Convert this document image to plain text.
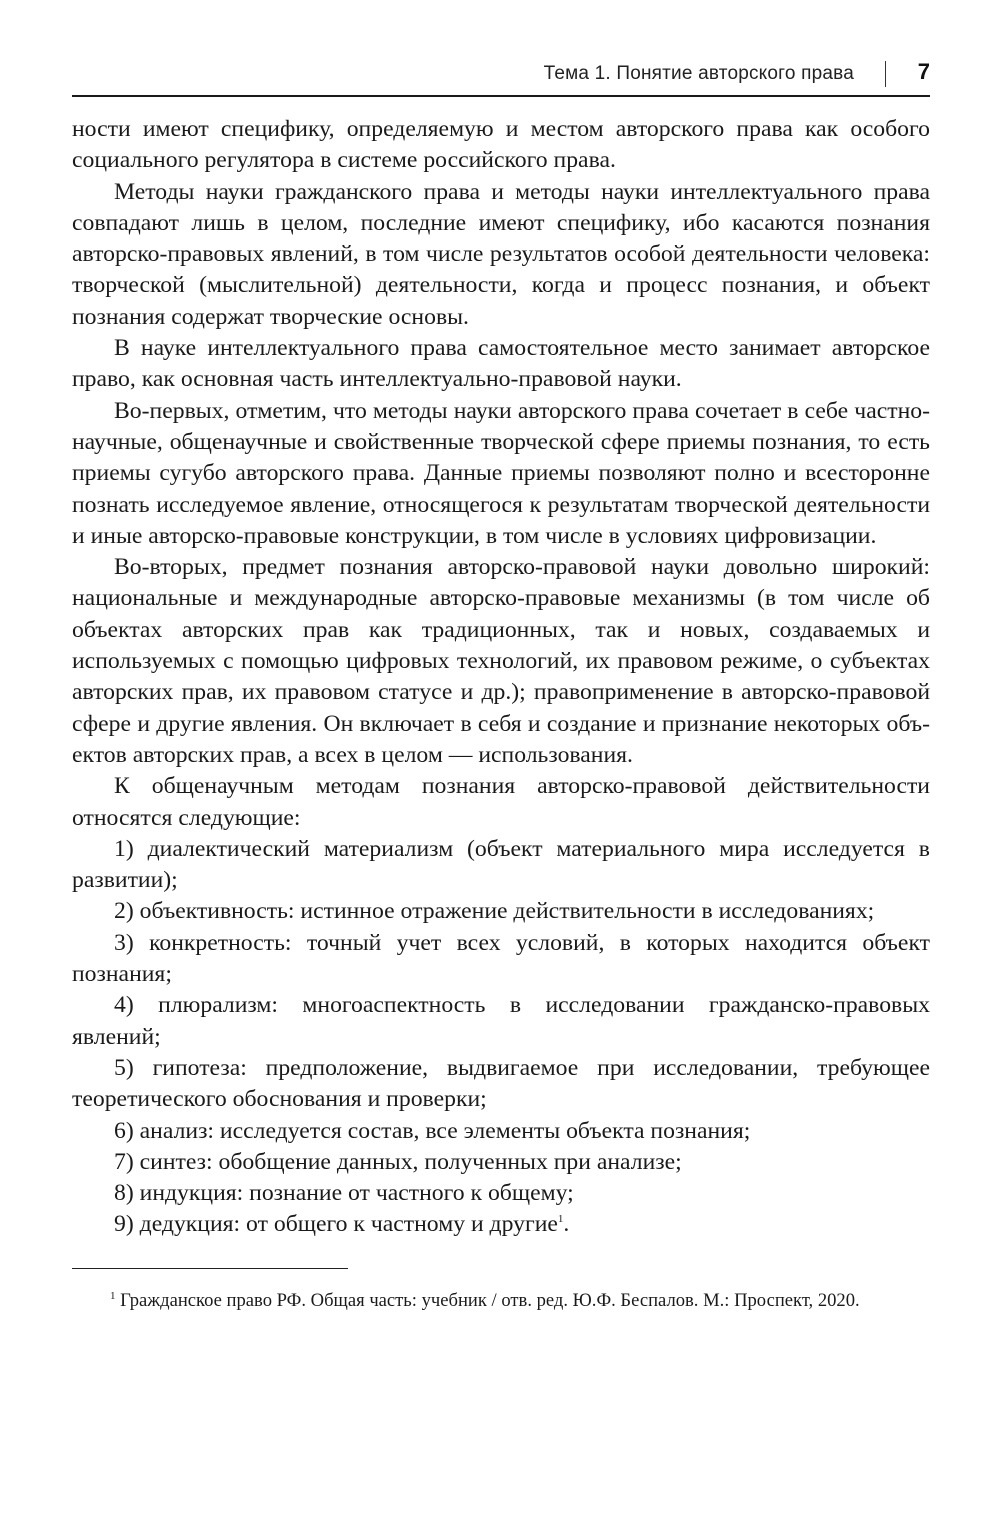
Тема 1. Понятие авторского права	7

ности имеют специфику, определяемую и местом авторского права как особого социального регулятора в системе российского права.

Методы науки гражданского права и методы науки интеллектуального права совпадают лишь в целом, последние имеют специфику, ибо касаются познания авторско-правовых явлений, в том числе результатов особой деятельности человека: творческой (мыслительной) деятельности, когда и процесс познания, и объект познания содержат творческие основы.

В науке интеллектуального права самостоятельное место занимает авторское право, как основная часть интеллектуально-правовой науки.

Во-первых, отметим, что методы науки авторского права сочетает в себе частно-научные, общенаучные и свойственные творческой сфере приемы познания, то есть приемы сугубо авторского права. Данные приемы позволяют полно и всесторонне познать исследуемое явление, относящегося к результатам творческой деятельности и иные авторско-правовые конструкции, в том числе в условиях цифровизации.

Во-вторых, предмет познания авторско-правовой науки довольно широкий: национальные и международные авторско-правовые механизмы (в том числе об объектах авторских прав как традиционных, так и новых, создаваемых и используемых с помощью цифровых технологий, их правовом режиме, о субъектах авторских прав, их правовом статусе и др.); правоприменение в авторско-правовой сфере и другие явления. Он включает в себя и создание и признание некоторых объектов авторских прав, а всех в целом — использования.

К общенаучным методам познания авторско-правовой действительности относятся следующие:

1) диалектический материализм (объект материального мира исследуется в развитии);

2) объективность: истинное отражение действительности в исследованиях;

3) конкретность: точный учет всех условий, в которых находится объект познания;

4) плюрализм: многоаспектность в исследовании гражданско-правовых явлений;

5) гипотеза: предположение, выдвигаемое при исследовании, требующее теоретического обоснования и проверки;

6) анализ: исследуется состав, все элементы объекта познания;

7) синтез: обобщение данных, полученных при анализе;

8) индукция: познание от частного к общему;

9) дедукция: от общего к частному и другие$^1$.

$^1$ Гражданское право РФ. Общая часть: учебник / отв. ред. Ю.Ф. Беспалов. М.: Проспект, 2020.
